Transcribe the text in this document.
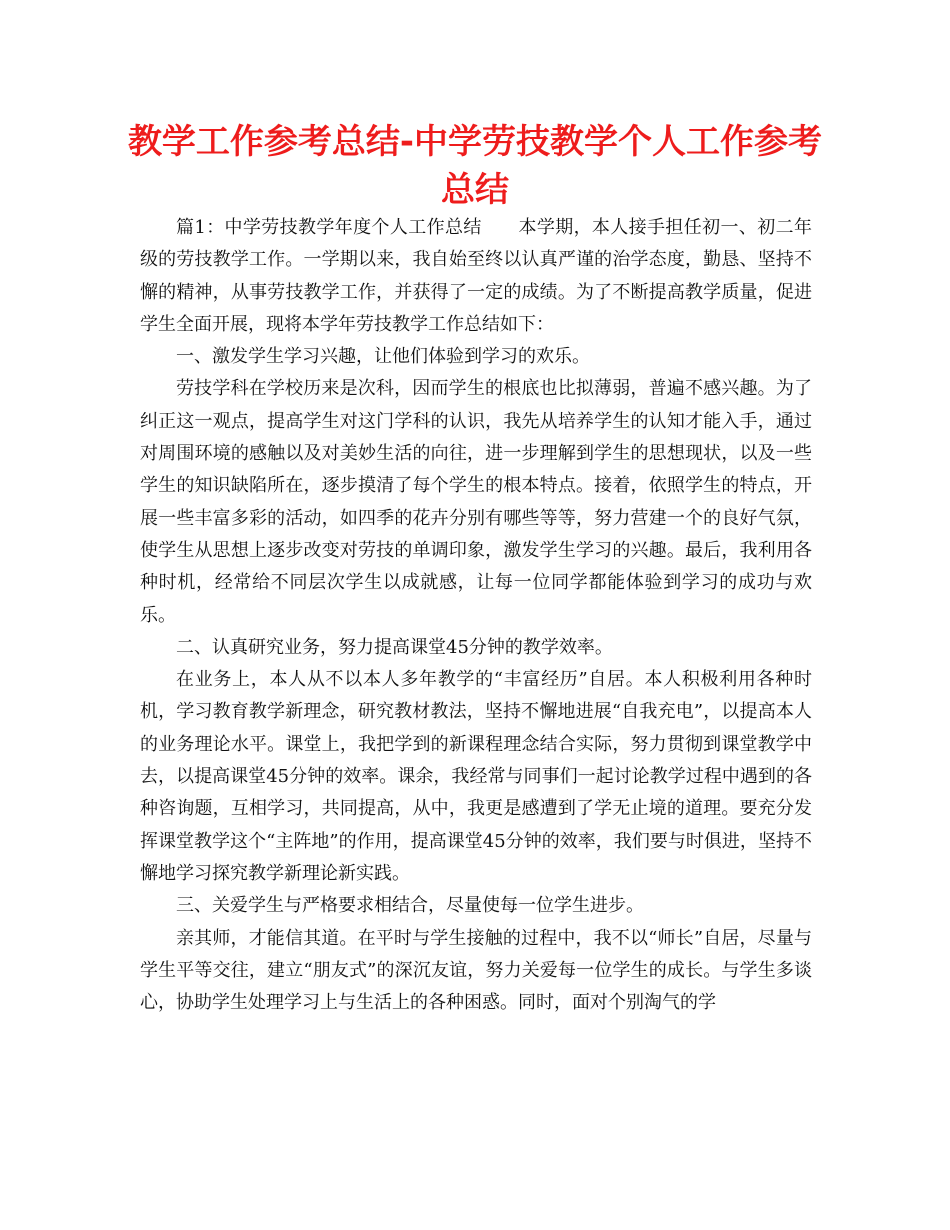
教学工作参考总结-中学劳技教学个人工作参考总结

篇1：中学劳技教学年度个人工作总结　　本学期，本人接手担任初一、初二年级的劳技教学工作。一学期以来，我自始至终以认真严谨的治学态度，勤恳、坚持不懈的精神，从事劳技教学工作，并获得了一定的成绩。为了不断提高教学质量，促进学生全面开展，现将本学年劳技教学工作总结如下：

一、激发学生学习兴趣，让他们体验到学习的欢乐。

劳技学科在学校历来是次科，因而学生的根底也比拟薄弱，普遍不感兴趣。为了纠正这一观点，提高学生对这门学科的认识，我先从培养学生的认知才能入手，通过对周围环境的感触以及对美妙生活的向往，进一步理解到学生的思想现状，以及一些学生的知识缺陷所在，逐步摸清了每个学生的根本特点。接着，依照学生的特点，开展一些丰富多彩的活动，如四季的花卉分别有哪些等等，努力营建一个的良好气氛，使学生从思想上逐步改变对劳技的单调印象，激发学生学习的兴趣。最后，我利用各种时机，经常给不同层次学生以成就感，让每一位同学都能体验到学习的成功与欢乐。

二、认真研究业务，努力提高课堂45分钟的教学效率。

在业务上，本人从不以本人多年教学的“丰富经历”自居。本人积极利用各种时机，学习教育教学新理念，研究教材教法，坚持不懈地进展“自我充电”，以提高本人的业务理论水平。课堂上，我把学到的新课程理念结合实际，努力贯彻到课堂教学中去，以提高课堂45分钟的效率。课余，我经常与同事们一起讨论教学过程中遇到的各种咨询题，互相学习，共同提高，从中，我更是感遭到了学无止境的道理。要充分发挥课堂教学这个“主阵地”的作用，提高课堂45分钟的效率，我们要与时俱进，坚持不懈地学习探究教学新理论新实践。

三、关爱学生与严格要求相结合，尽量使每一位学生进步。

亲其师，才能信其道。在平时与学生接触的过程中，我不以“师长”自居，尽量与学生平等交往，建立“朋友式”的深沉友谊，努力关爱每一位学生的成长。与学生多谈心，协助学生处理学习上与生活上的各种困惑。同时，面对个别淘气的学
